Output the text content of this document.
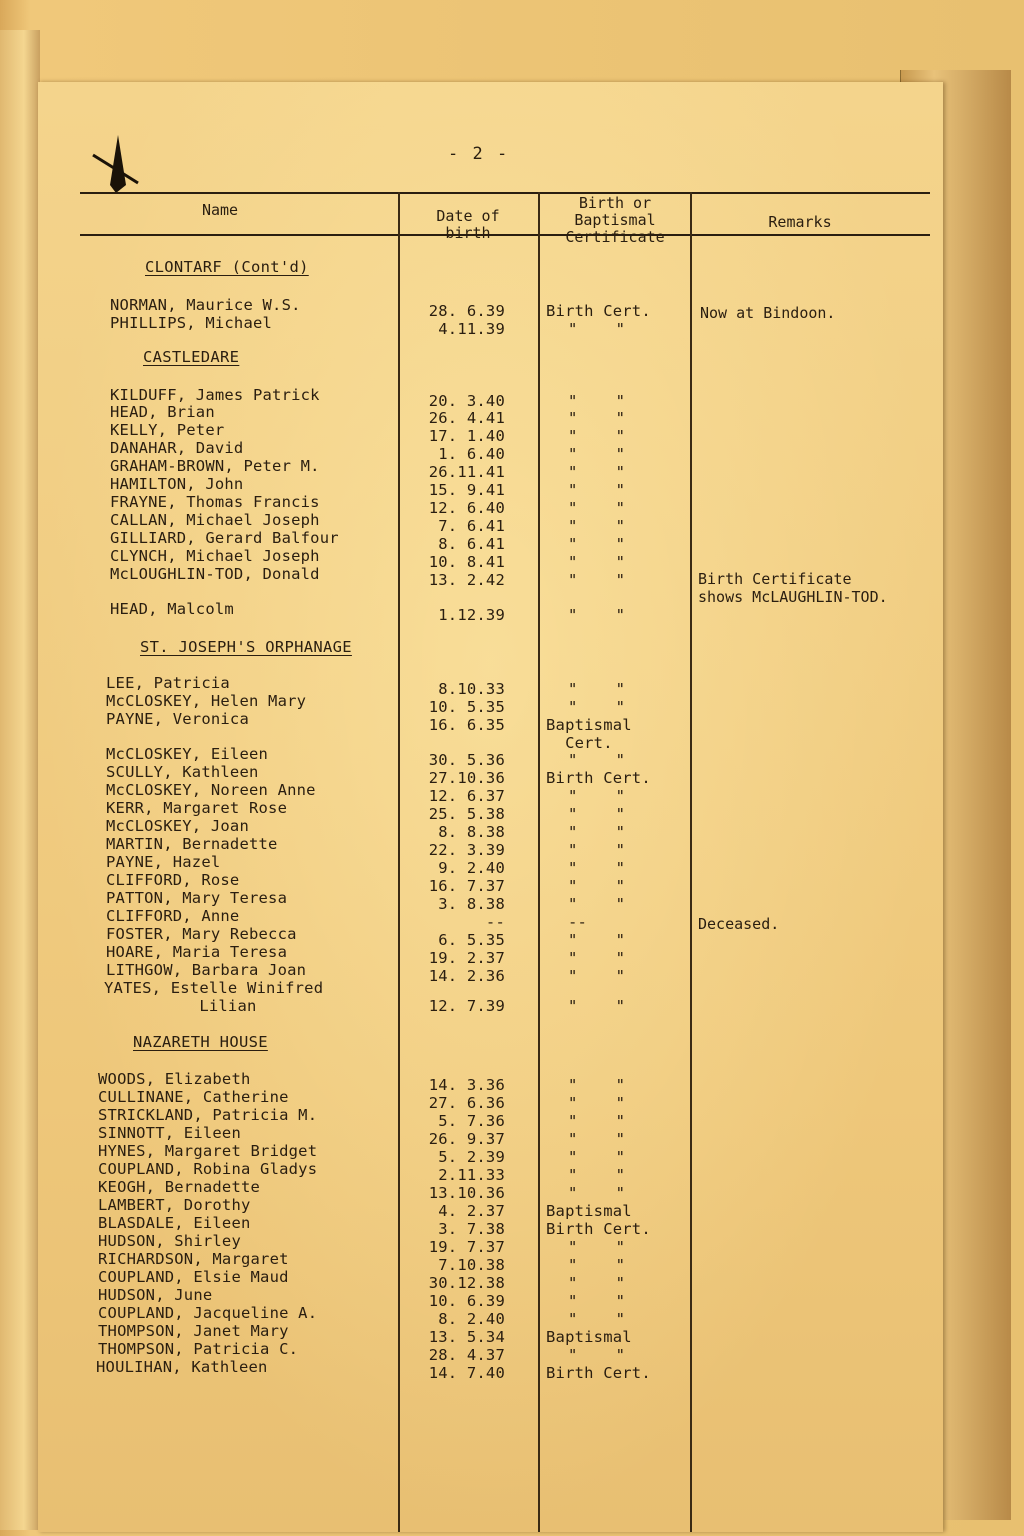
- 2 -
Name	Date of
birth
Birth or
Baptismal
Certificate
Remarks
CLONTARF (Cont'd)
CASTLEDARE
ST. JOSEPH'S ORPHANAGE
NAZARETH HOUSE
NORMAN, Maurice W.S.	28. 6.39	Birth Cert.	Now at Bindoon.
PHILLIPS, Michael	4.11.39	"    "
KILDUFF, James Patrick	20. 3.40	"    "
HEAD, Brian	26. 4.41	"    "
KELLY, Peter	17. 1.40	"    "
DANAHAR, David	1. 6.40	"    "
GRAHAM-BROWN, Peter M.	26.11.41	"    "
HAMILTON, John	15. 9.41	"    "
FRAYNE, Thomas Francis	12. 6.40	"    "
CALLAN, Michael Joseph	7. 6.41	"    "
GILLIARD, Gerard Balfour	8. 6.41	"    "
CLYNCH, Michael Joseph	10. 8.41	"    "
McLOUGHLIN-TOD, Donald	13. 2.42	"    "	Birth Certificate
shows McLAUGHLIN-TOD.
HEAD, Malcolm	1.12.39	"    "
LEE, Patricia	8.10.33	"    "
McCLOSKEY, Helen Mary	10. 5.35	"    "
PAYNE, Veronica	16. 6.35	Baptismal
Cert.
McCLOSKEY, Eileen	30. 5.36	"    "
SCULLY, Kathleen	27.10.36	Birth Cert.
McCLOSKEY, Noreen Anne	12. 6.37	"    "
KERR, Margaret Rose	25. 5.38	"    "
McCLOSKEY, Joan	8. 8.38	"    "
MARTIN, Bernadette	22. 3.39	"    "
PAYNE, Hazel	9. 2.40	"    "
CLIFFORD, Rose	16. 7.37	"    "
PATTON, Mary Teresa	3. 8.38	"    "
CLIFFORD, Anne	--	--	Deceased.
FOSTER, Mary Rebecca	6. 5.35	"    "
HOARE, Maria Teresa	19. 2.37	"    "
LITHGOW, Barbara Joan	14. 2.36	"    "
YATES, Estelle Winifred
Lilian	12. 7.39	"    "
WOODS, Elizabeth	14. 3.36	"    "
CULLINANE, Catherine	27. 6.36	"    "
STRICKLAND, Patricia M.	5. 7.36	"    "
SINNOTT, Eileen	26. 9.37	"    "
HYNES, Margaret Bridget	5. 2.39	"    "
COUPLAND, Robina Gladys	2.11.33	"    "
KEOGH, Bernadette	13.10.36	"    "
LAMBERT, Dorothy	4. 2.37	Baptismal
BLASDALE, Eileen	3. 7.38	Birth Cert.
HUDSON, Shirley	19. 7.37	"    "
RICHARDSON, Margaret	7.10.38	"    "
COUPLAND, Elsie Maud	30.12.38	"    "
HUDSON, June	10. 6.39	"    "
COUPLAND, Jacqueline A.	8. 2.40	"    "
THOMPSON, Janet Mary	13. 5.34	Baptismal
THOMPSON, Patricia C.	28. 4.37	"    "
HOULIHAN, Kathleen	14. 7.40	Birth Cert.
